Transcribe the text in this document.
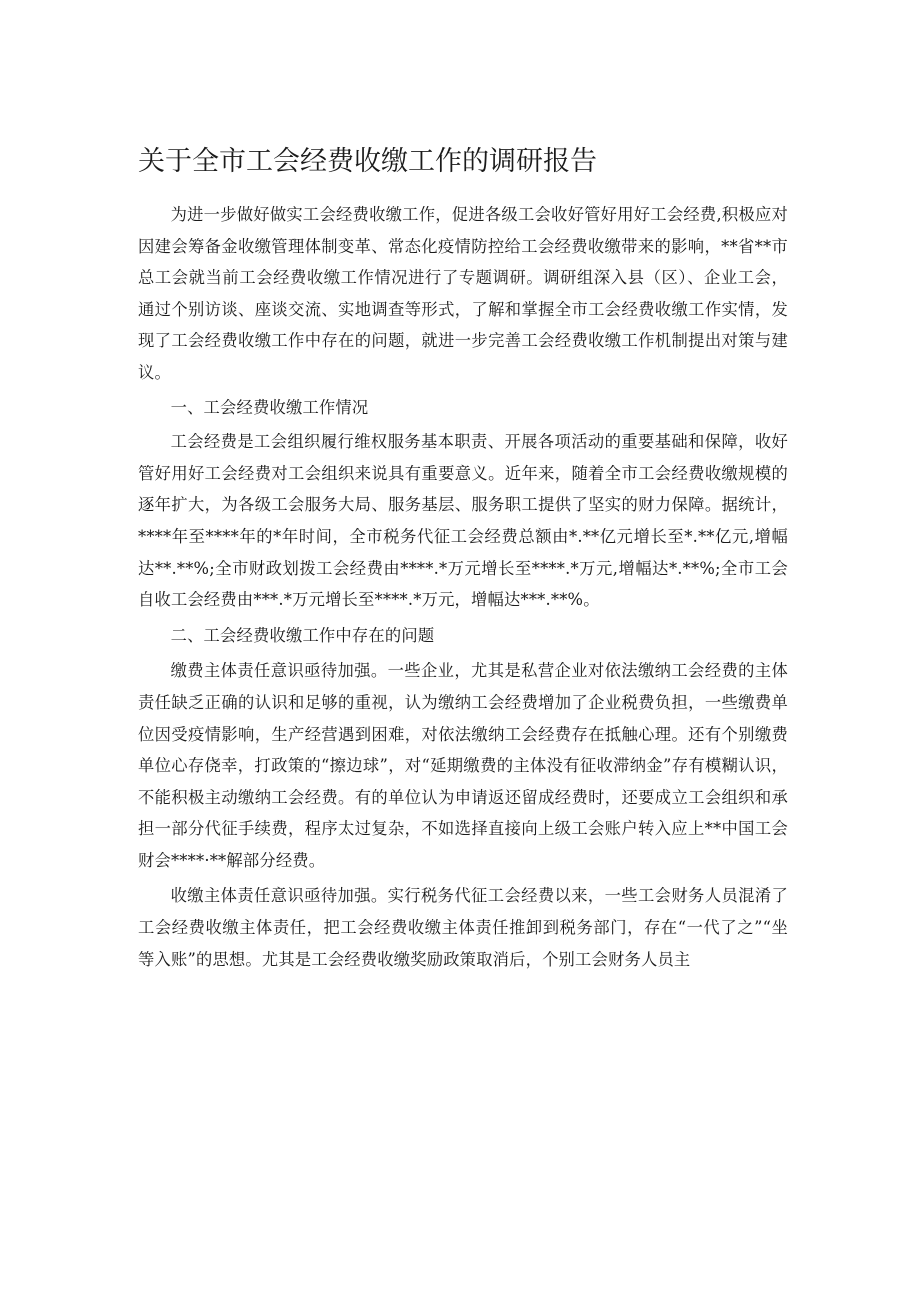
关于全市工会经费收缴工作的调研报告

为进一步做好做实工会经费收缴工作，促进各级工会收好管好用好工会经费,积极应对因建会筹备金收缴管理体制变革、常态化疫情防控给工会经费收缴带来的影响，**省**市总工会就当前工会经费收缴工作情况进行了专题调研。调研组深入县（区）、企业工会，通过个别访谈、座谈交流、实地调查等形式，了解和掌握全市工会经费收缴工作实情，发现了工会经费收缴工作中存在的问题，就进一步完善工会经费收缴工作机制提出对策与建议。

一、工会经费收缴工作情况

工会经费是工会组织履行维权服务基本职责、开展各项活动的重要基础和保障，收好管好用好工会经费对工会组织来说具有重要意义。近年来，随着全市工会经费收缴规模的逐年扩大，为各级工会服务大局、服务基层、服务职工提供了坚实的财力保障。据统计，****年至****年的*年时间，全市税务代征工会经费总额由*.**亿元增长至*.**亿元,增幅达**.**%;全市财政划拨工会经费由****.*万元增长至****.*万元,增幅达*.**%;全市工会自收工会经费由***.*万元增长至****.*万元，增幅达***.**%。

二、工会经费收缴工作中存在的问题

缴费主体责任意识亟待加强。一些企业，尤其是私营企业对依法缴纳工会经费的主体责任缺乏正确的认识和足够的重视，认为缴纳工会经费增加了企业税费负担，一些缴费单位因受疫情影响，生产经营遇到困难，对依法缴纳工会经费存在抵触心理。还有个别缴费单位心存侥幸，打政策的“擦边球”，对“延期缴费的主体没有征收滞纳金”存有模糊认识，不能积极主动缴纳工会经费。有的单位认为申请返还留成经费时，还要成立工会组织和承担一部分代征手续费，程序太过复杂，不如选择直接向上级工会账户转入应上**中国工会财会****·**解部分经费。

收缴主体责任意识亟待加强。实行税务代征工会经费以来，一些工会财务人员混淆了工会经费收缴主体责任，把工会经费收缴主体责任推卸到税务部门，存在“一代了之”“坐等入账”的思想。尤其是工会经费收缴奖励政策取消后，个别工会财务人员主
